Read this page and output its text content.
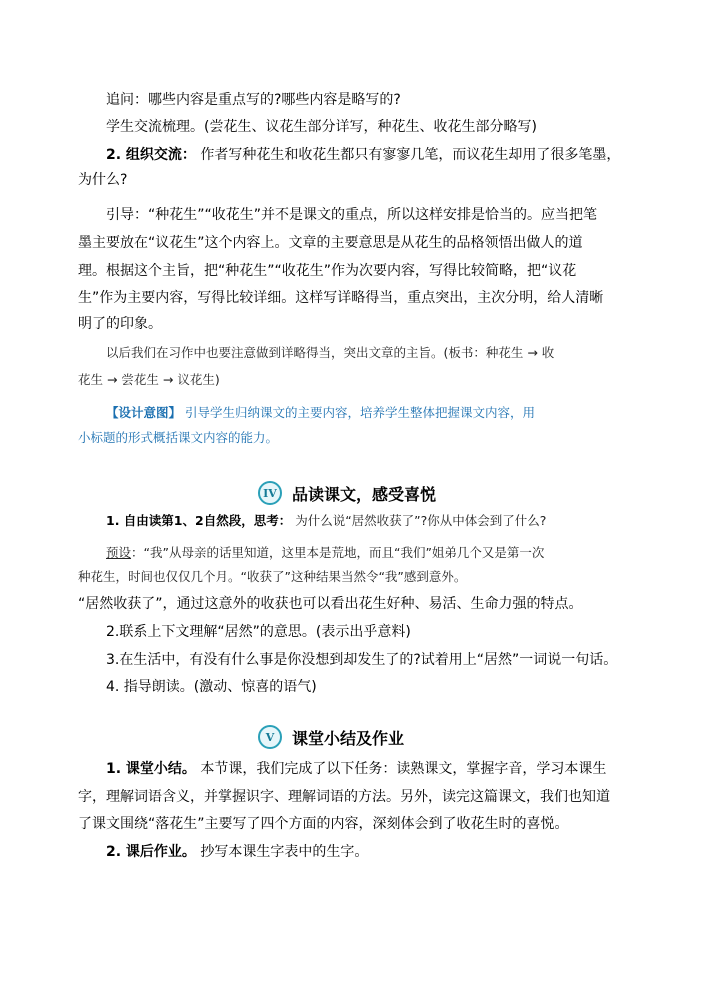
追问：哪些内容是重点写的?哪些内容是略写的?
学生交流梳理。(尝花生、议花生部分详写，种花生、收花生部分略写)
2. 组织交流： 作者写种花生和收花生都只有寥寥几笔，而议花生却用了很多笔墨，
为什么?
引导：“种花生”“收花生”并不是课文的重点，所以这样安排是恰当的。应当把笔
墨主要放在“议花生”这个内容上。文章的主要意思是从花生的品格领悟出做人的道
理。根据这个主旨，把“种花生”“收花生”作为次要内容，写得比较简略，把“议花
生”作为主要内容，写得比较详细。这样写详略得当，重点突出，主次分明，给人清晰
明了的印象。
以后我们在习作中也要注意做到详略得当，突出文章的主旨。(板书：种花生 → 收
花生 → 尝花生 → 议花生)
【设计意图】 引导学生归纳课文的主要内容，培养学生整体把握课文内容，用
小标题的形式概括课文内容的能力。
IV 品读课文，感受喜悦
1. 自由读第1、2自然段，思考： 为什么说“居然收获了”?你从中体会到了什么?
预设：“我”从母亲的话里知道，这里本是荒地，而且“我们”姐弟几个又是第一次
种花生，时间也仅仅几个月。“收获了”这种结果当然令“我”感到意外。
“居然收获了”，通过这意外的收获也可以看出花生好种、易活、生命力强的特点。
2.联系上下文理解“居然”的意思。(表示出乎意料)
3.在生活中，有没有什么事是你没想到却发生了的?试着用上“居然”一词说一句话。
4. 指导朗读。(激动、惊喜的语气)
V	课堂小结及作业
1. 课堂小结。 本节课，我们完成了以下任务：读熟课文，掌握字音，学习本课生
字，理解词语含义，并掌握识字、理解词语的方法。另外，读完这篇课文，我们也知道
了课文围绕“落花生”主要写了四个方面的内容，深刻体会到了收花生时的喜悦。
2. 课后作业。 抄写本课生字表中的生字。
